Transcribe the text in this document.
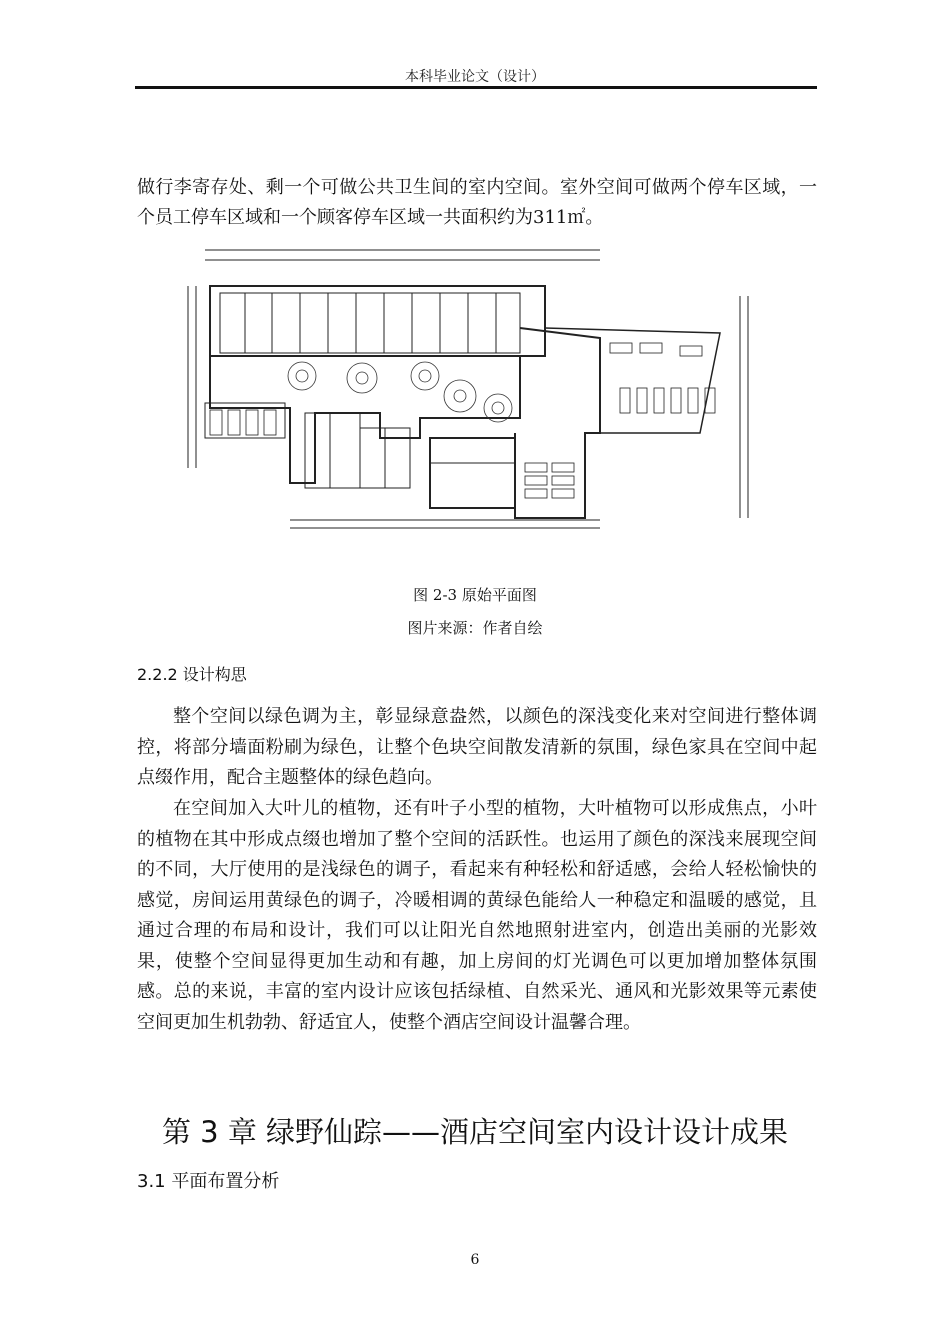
本科毕业论文（设计）

做行李寄存处、剩一个可做公共卫生间的室内空间。室外空间可做两个停车区域，一个员工停车区域和一个顾客停车区域一共面积约为311㎡。

图 2-3 原始平面图
图片来源：作者自绘
2.2.2 设计构思

整个空间以绿色调为主，彰显绿意盎然，以颜色的深浅变化来对空间进行整体调控，将部分墙面粉刷为绿色，让整个色块空间散发清新的氛围，绿色家具在空间中起点缀作用，配合主题整体的绿色趋向。

在空间加入大叶儿的植物，还有叶子小型的植物，大叶植物可以形成焦点，小叶的植物在其中形成点缀也增加了整个空间的活跃性。也运用了颜色的深浅来展现空间的不同，大厅使用的是浅绿色的调子，看起来有种轻松和舒适感，会给人轻松愉快的感觉，房间运用黄绿色的调子，冷暖相调的黄绿色能给人一种稳定和温暖的感觉，且通过合理的布局和设计，我们可以让阳光自然地照射进室内，创造出美丽的光影效果，使整个空间显得更加生动和有趣，加上房间的灯光调色可以更加增加整体氛围感。总的来说，丰富的室内设计应该包括绿植、自然采光、通风和光影效果等元素使空间更加生机勃勃、舒适宜人，使整个酒店空间设计温馨合理。

第 3 章 绿野仙踪——酒店空间室内设计设计成果
3.1 平面布置分析
6
